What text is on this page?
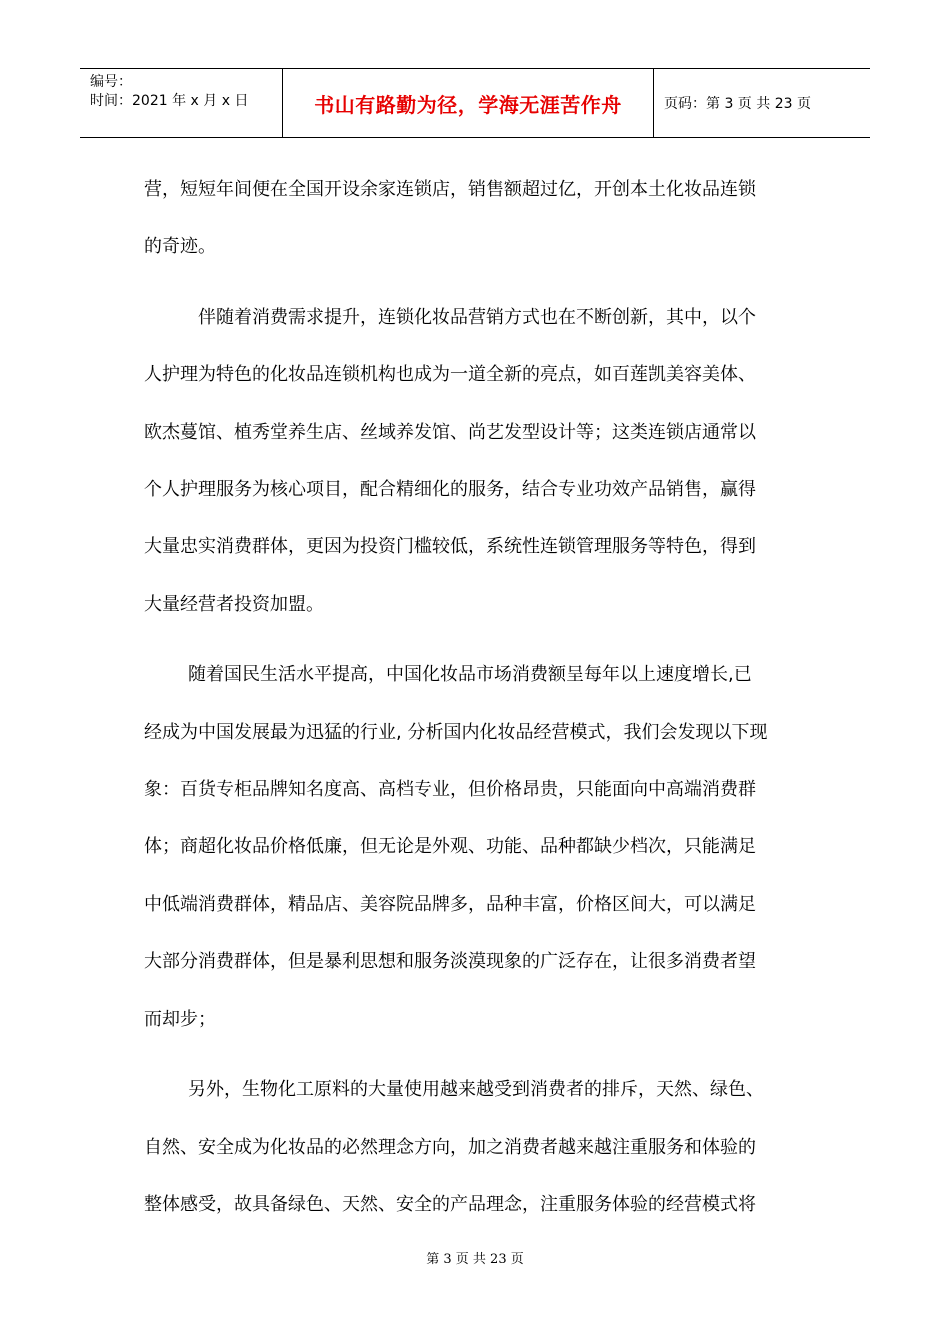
编号：
时间：2021 年 x 月 x 日	书山有路勤为径，学海无涯苦作舟	页码：第 3 页 共 23 页

营，短短年间便在全国开设余家连锁店，销售额超过亿，开创本土化妆品连锁

的奇迹。

伴随着消费需求提升，连锁化妆品营销方式也在不断创新，其中，以个

人护理为特色的化妆品连锁机构也成为一道全新的亮点，如百莲凯美容美体、

欧杰蔓馆、植秀堂养生店、丝域养发馆、尚艺发型设计等；这类连锁店通常以

个人护理服务为核心项目，配合精细化的服务，结合专业功效产品销售，赢得

大量忠实消费群体，更因为投资门槛较低，系统性连锁管理服务等特色，得到

大量经营者投资加盟。

随着国民生活水平提高，中国化妆品市场消费额呈每年以上速度增长,已

经成为中国发展最为迅猛的行业, 分析国内化妆品经营模式，我们会发现以下现

象：百货专柜品牌知名度高、高档专业，但价格昂贵，只能面向中高端消费群

体；商超化妆品价格低廉，但无论是外观、功能、品种都缺少档次，只能满足

中低端消费群体，精品店、美容院品牌多，品种丰富，价格区间大，可以满足

大部分消费群体，但是暴利思想和服务淡漠现象的广泛存在，让很多消费者望

而却步；

另外，生物化工原料的大量使用越来越受到消费者的排斥，天然、绿色、

自然、安全成为化妆品的必然理念方向，加之消费者越来越注重服务和体验的

整体感受，故具备绿色、天然、安全的产品理念，注重服务体验的经营模式将

第 3 页 共 23 页
